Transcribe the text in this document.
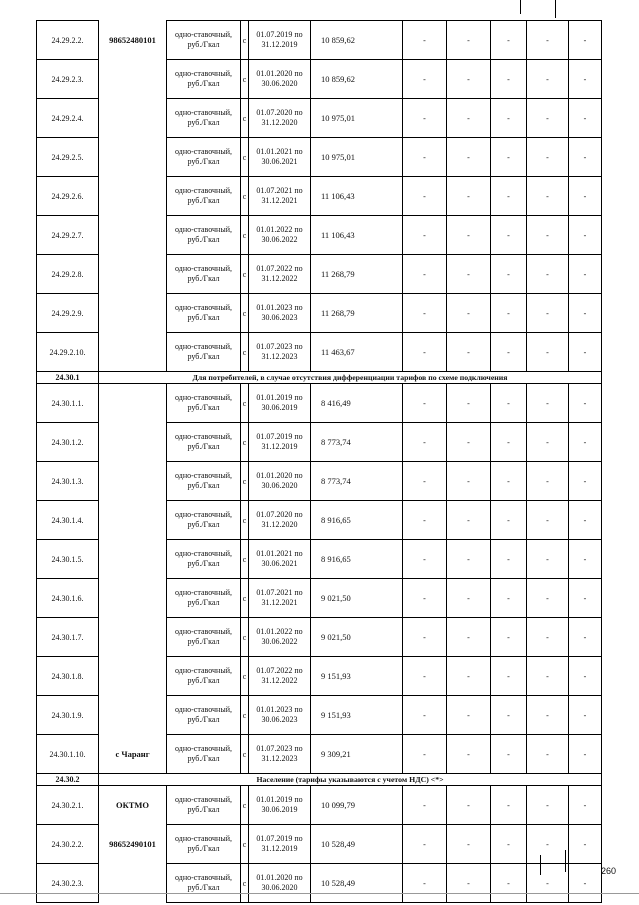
24.29.2.2.	98652480101	одно-ставочный, руб./Гкал	с	01.07.2019 по 31.12.2019	10 859,62	-	-	-	-	-
24.29.2.3.		одно-ставочный, руб./Гкал	с	01.01.2020 по 30.06.2020	10 859,62	-	-	-	-	-
24.29.2.4.		одно-ставочный, руб./Гкал	с	01.07.2020 по 31.12.2020	10 975,01	-	-	-	-	-
24.29.2.5.		одно-ставочный, руб./Гкал	с	01.01.2021 по 30.06.2021	10 975,01	-	-	-	-	-
24.29.2.6.		одно-ставочный, руб./Гкал	с	01.07.2021 по 31.12.2021	11 106,43	-	-	-	-	-
24.29.2.7.		одно-ставочный, руб./Гкал	с	01.01.2022 по 30.06.2022	11 106,43	-	-	-	-	-
24.29.2.8.		одно-ставочный, руб./Гкал	с	01.07.2022 по 31.12.2022	11 268,79	-	-	-	-	-
24.29.2.9.		одно-ставочный, руб./Гкал	с	01.01.2023 по 30.06.2023	11 268,79	-	-	-	-	-
24.29.2.10.		одно-ставочный, руб./Гкал	с	01.07.2023 по 31.12.2023	11 463,67	-	-	-	-	-
24.30.1	Для потребителей, в случае отсутствия дифференциации тарифов по схеме подключения									
24.30.1.1.		одно-ставочный, руб./Гкал	с	01.01.2019 по 30.06.2019	8 416,49	-	-	-	-	-
24.30.1.2.		одно-ставочный, руб./Гкал	с	01.07.2019 по 31.12.2019	8 773,74	-	-	-	-	-
24.30.1.3.		одно-ставочный, руб./Гкал	с	01.01.2020 по 30.06.2020	8 773,74	-	-	-	-	-
24.30.1.4.		одно-ставочный, руб./Гкал	с	01.07.2020 по 31.12.2020	8 916,65	-	-	-	-	-
24.30.1.5.		одно-ставочный, руб./Гкал	с	01.01.2021 по 30.06.2021	8 916,65	-	-	-	-	-
24.30.1.6.		одно-ставочный, руб./Гкал	с	01.07.2021 по 31.12.2021	9 021,50	-	-	-	-	-
24.30.1.7.		одно-ставочный, руб./Гкал	с	01.01.2022 по 30.06.2022	9 021,50	-	-	-	-	-
24.30.1.8.		одно-ставочный, руб./Гкал	с	01.07.2022 по 31.12.2022	9 151,93	-	-	-	-	-
24.30.1.9.		одно-ставочный, руб./Гкал	с	01.01.2023 по 30.06.2023	9 151,93	-	-	-	-	-
24.30.1.10.	с Чаранг	одно-ставочный, руб./Гкал	с	01.07.2023 по 31.12.2023	9 309,21	-	-	-	-	-
24.30.2	Население (тарифы указываются с учетом НДС) <*>									
24.30.2.1.	ОКТМО	одно-ставочный, руб./Гкал	с	01.01.2019 по 30.06.2019	10 099,79	-	-	-	-	-
24.30.2.2.	98652490101	одно-ставочный, руб./Гкал	с	01.07.2019 по 31.12.2019	10 528,49	-	-	-	-	-
24.30.2.3.		одно-ставочный, руб./Гкал	с	01.01.2020 по 30.06.2020	10 528,49	-	-	-	-	-
260
